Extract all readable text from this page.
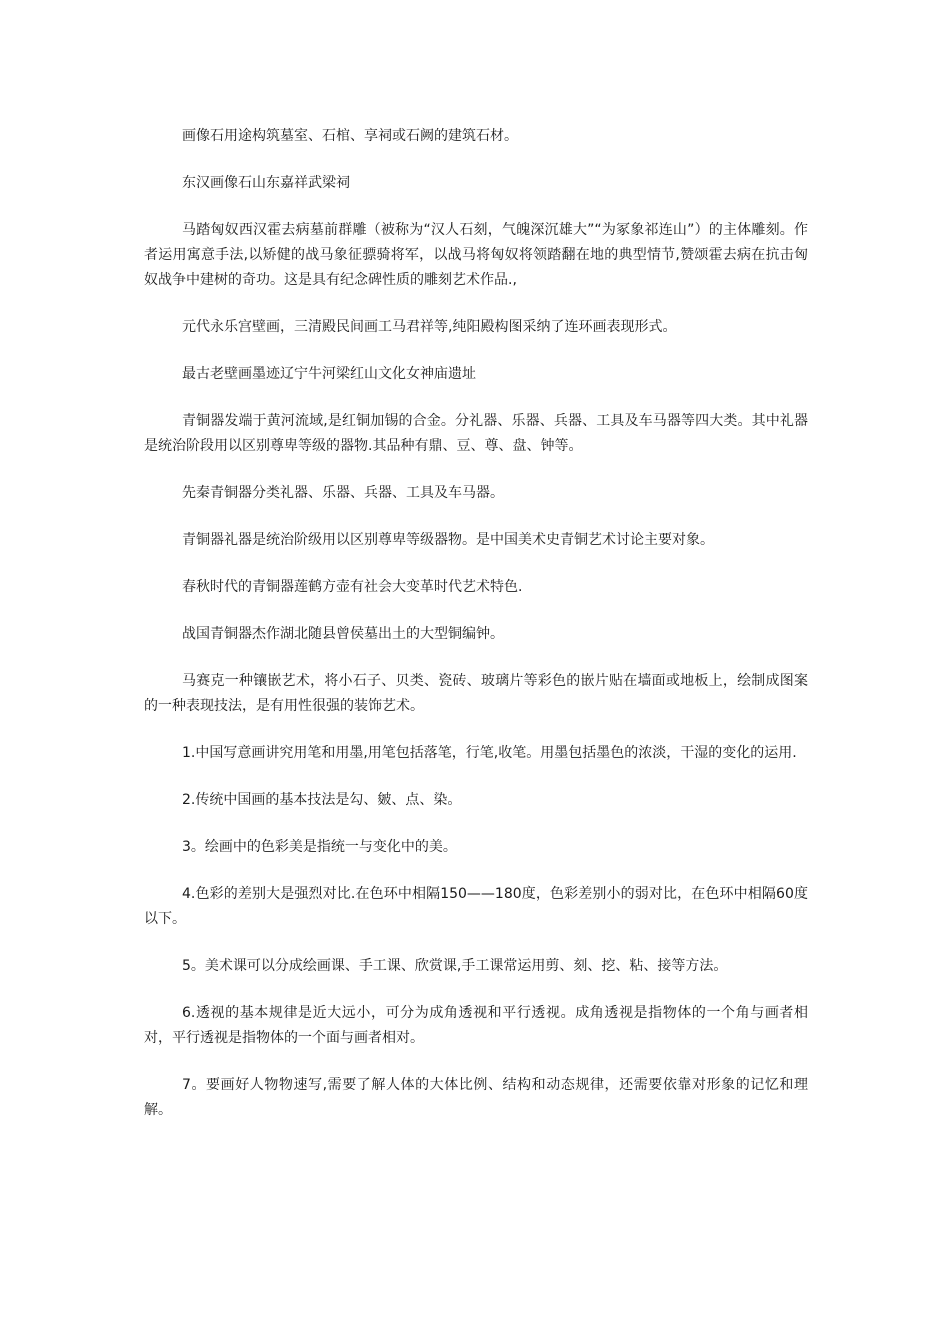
画像石用途构筑墓室、石棺、享祠或石阙的建筑石材。

东汉画像石山东嘉祥武梁祠

马踏匈奴西汉霍去病墓前群雕（被称为“汉人石刻，气魄深沉雄大”“为冢象祁连山”）的主体雕刻。作者运用寓意手法,以矫健的战马象征骠骑将军，以战马将匈奴将领踏翻在地的典型情节,赞颂霍去病在抗击匈奴战争中建树的奇功。这是具有纪念碑性质的雕刻艺术作品.,

元代永乐宫壁画，三清殿民间画工马君祥等,纯阳殿构图采纳了连环画表现形式。

最古老壁画墨迹辽宁牛河梁红山文化女神庙遗址

青铜器发端于黄河流域,是红铜加锡的合金。分礼器、乐器、兵器、工具及车马器等四大类。其中礼器是统治阶段用以区别尊卑等级的器物.其品种有鼎、豆、尊、盘、钟等。

先秦青铜器分类礼器、乐器、兵器、工具及车马器。

青铜器礼器是统治阶级用以区别尊卑等级器物。是中国美术史青铜艺术讨论主要对象。

春秋时代的青铜器莲鹤方壶有社会大变革时代艺术特色.

战国青铜器杰作湖北随县曾侯墓出土的大型铜编钟。

马赛克一种镶嵌艺术，将小石子、贝类、瓷砖、玻璃片等彩色的嵌片贴在墙面或地板上，绘制成图案的一种表现技法，是有用性很强的装饰艺术。

1.中国写意画讲究用笔和用墨,用笔包括落笔，行笔,收笔。用墨包括墨色的浓淡，干湿的变化的运用.

2.传统中国画的基本技法是勾、皴、点、染。

3。绘画中的色彩美是指统一与变化中的美。

4.色彩的差别大是强烈对比.在色环中相隔150——180度，色彩差别小的弱对比，在色环中相隔60度以下。

5。美术课可以分成绘画课、手工课、欣赏课,手工课常运用剪、刻、挖、粘、接等方法。

6.透视的基本规律是近大远小，可分为成角透视和平行透视。成角透视是指物体的一个角与画者相对，平行透视是指物体的一个面与画者相对。

7。要画好人物物速写,需要了解人体的大体比例、结构和动态规律，还需要依靠对形象的记忆和理解。
